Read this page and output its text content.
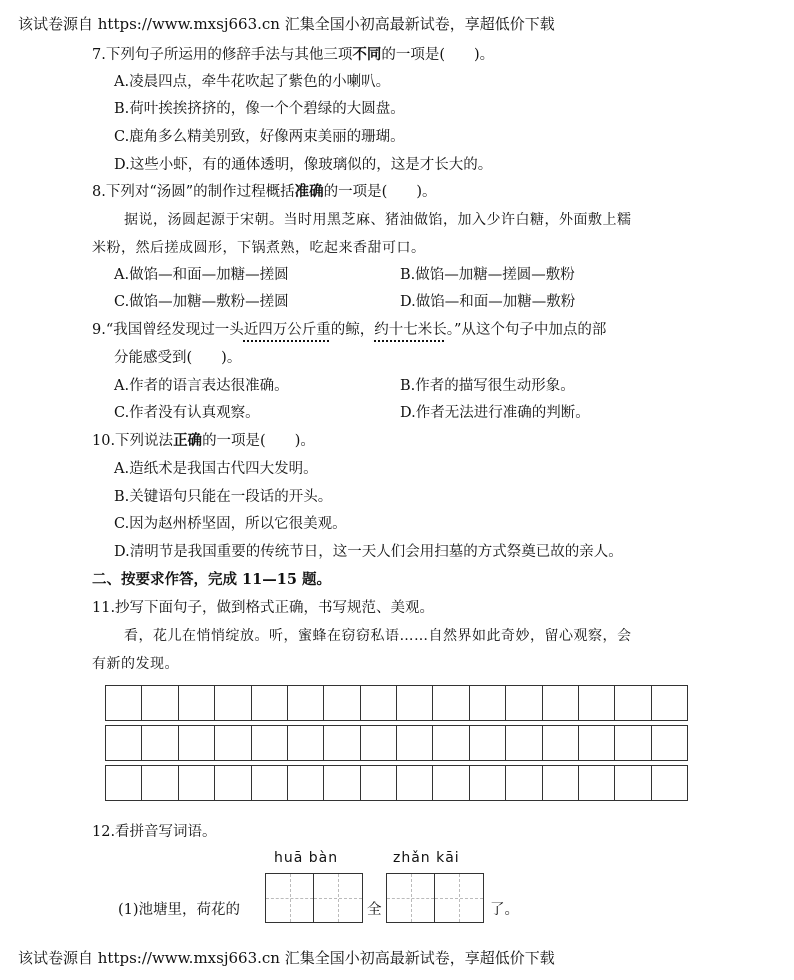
该试卷源自 https://www.mxsj663.cn 汇集全国小初高最新试卷，享超低价下载
7.下列句子所运用的修辞手法与其他三项不同的一项是(　　)。
A.凌晨四点，牵牛花吹起了紫色的小喇叭。
B.荷叶挨挨挤挤的，像一个个碧绿的大圆盘。
C.鹿角多么精美别致，好像两束美丽的珊瑚。
D.这些小虾，有的通体透明，像玻璃似的，这是才长大的。
8.下列对“汤圆”的制作过程概括准确的一项是(　　)。
据说，汤圆起源于宋朝。当时用黑芝麻、猪油做馅，加入少许白糖，外面敷上糯
米粉，然后搓成圆形，下锅煮熟，吃起来香甜可口。
A.做馅—和面—加糖—搓圆	B.做馅—加糖—搓圆—敷粉
C.做馅—加糖—敷粉—搓圆	D.做馅—和面—加糖—敷粉
9.“我国曾经发现过一头近四万公斤重的鲸，约十七米长。”从这个句子中加点的部
分能感受到(　　)。
A.作者的语言表达很准确。	B.作者的描写很生动形象。
C.作者没有认真观察。	D.作者无法进行准确的判断。
10.下列说法正确的一项是(　　)。
A.造纸术是我国古代四大发明。
B.关键语句只能在一段话的开头。
C.因为赵州桥坚固，所以它很美观。
D.清明节是我国重要的传统节日，这一天人们会用扫墓的方式祭奠已故的亲人。
二、按要求作答，完成 11—15 题。
11.抄写下面句子，做到格式正确，书写规范、美观。
看，花儿在悄悄绽放。听，蜜蜂在窃窃私语……自然界如此奇妙，留心观察，会
有新的发现。
12.看拼音写词语。
huā bàn	zhǎn kāi
(1)池塘里，荷花的	全	了。
该试卷源自 https://www.mxsj663.cn 汇集全国小初高最新试卷，享超低价下载
